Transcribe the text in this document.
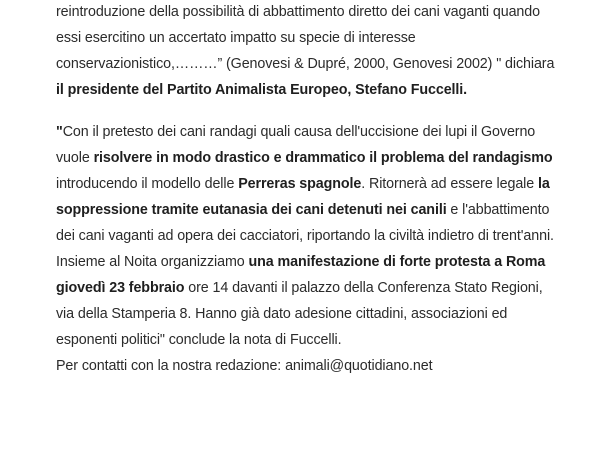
reintroduzione della possibilità di abbattimento diretto dei cani vaganti quando essi esercitino un accertato impatto su specie di interesse conservazionistico,………” (Genovesi & Dupré, 2000, Genovesi 2002) " dichiara il presidente del Partito Animalista Europeo, Stefano Fuccelli.

"Con il pretesto dei cani randagi quali causa dell'uccisione dei lupi il Governo vuole risolvere in modo drastico e drammatico il problema del randagismo introducendo il modello delle Perreras spagnole. Ritornerà ad essere legale la soppressione tramite eutanasia dei cani detenuti nei canili e l'abbattimento dei cani vaganti ad opera dei cacciatori, riportando la civiltà indietro di trent'anni. Insieme al Noita organizziamo una manifestazione di forte protesta a Roma giovedì 23 febbraio ore 14 davanti il palazzo della Conferenza Stato Regioni, via della Stamperia 8. Hanno già dato adesione cittadini, associazioni ed esponenti politici" conclude la nota di Fuccelli.

Per contatti con la nostra redazione: animali@quotidiano.net
